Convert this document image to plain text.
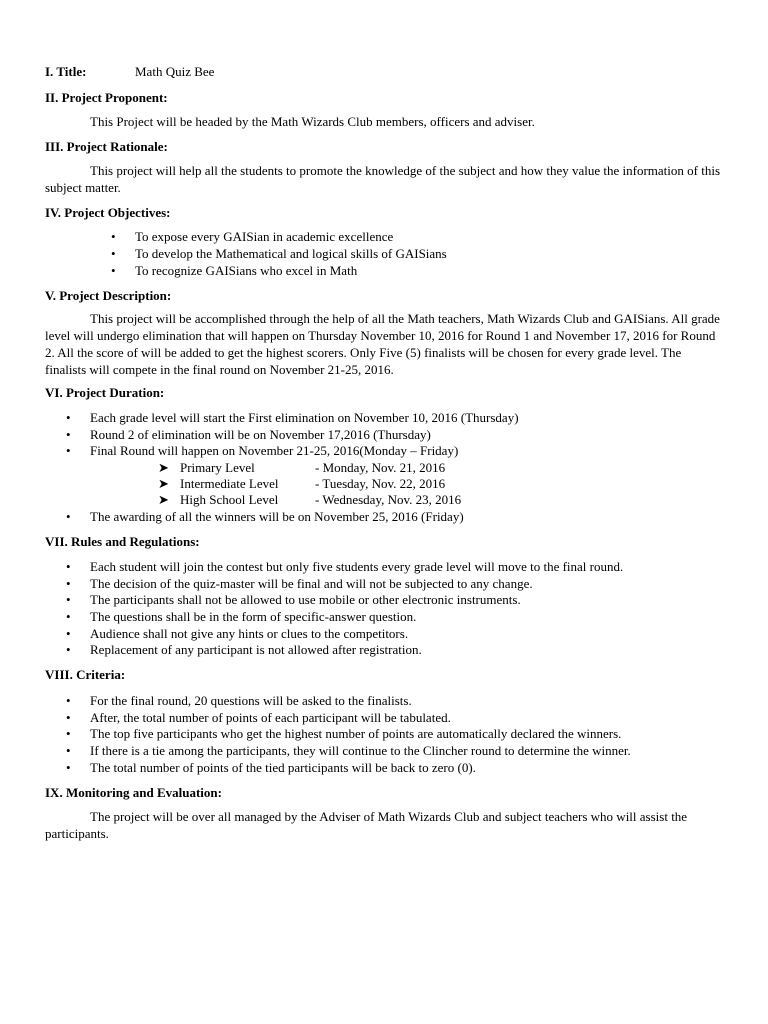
I. Title:	Math Quiz Bee
II. Project Proponent:
This Project will be headed by the Math Wizards Club members, officers and adviser.
III. Project Rationale:
This project will help all the students to promote the knowledge of the subject and how they value the information of this subject matter.
IV. Project Objectives:
• To expose every GAISian in academic excellence
• To develop the Mathematical and logical skills of GAISians
• To recognize GAISians who excel in Math
V. Project Description:
This project will be accomplished through the help of all the Math teachers, Math Wizards Club and GAISians. All grade level will undergo elimination that will happen on Thursday November 10, 2016 for Round 1 and November 17, 2016 for Round 2. All the score of will be added to get the highest scorers. Only Five (5) finalists will be chosen for every grade level. The finalists will compete in the final round on November 21-25, 2016.
VI. Project Duration:
• Each grade level will start the First elimination on November 10, 2016 (Thursday)
• Round 2 of elimination will be on November 17,2016 (Thursday)
• Final Round will happen on November 21-25, 2016(Monday – Friday)
➤ Primary Level	- Monday, Nov. 21, 2016
➤ Intermediate Level	- Tuesday, Nov. 22, 2016
➤ High School Level	- Wednesday, Nov. 23, 2016
• The awarding of all the winners will be on November 25, 2016 (Friday)
VII. Rules and Regulations:
• Each student will join the contest but only five students every grade level will move to the final round.
• The decision of the quiz-master will be final and will not be subjected to any change.
• The participants shall not be allowed to use mobile or other electronic instruments.
• The questions shall be in the form of specific-answer question.
• Audience shall not give any hints or clues to the competitors.
• Replacement of any participant is not allowed after registration.
VIII. Criteria:
• For the final round, 20 questions will be asked to the finalists.
• After, the total number of points of each participant will be tabulated.
• The top five participants who get the highest number of points are automatically declared the winners.
• If there is a tie among the participants, they will continue to the Clincher round to determine the winner.
• The total number of points of the tied participants will be back to zero (0).
IX. Monitoring and Evaluation:
The project will be over all managed by the Adviser of Math Wizards Club and subject teachers who will assist the participants.
